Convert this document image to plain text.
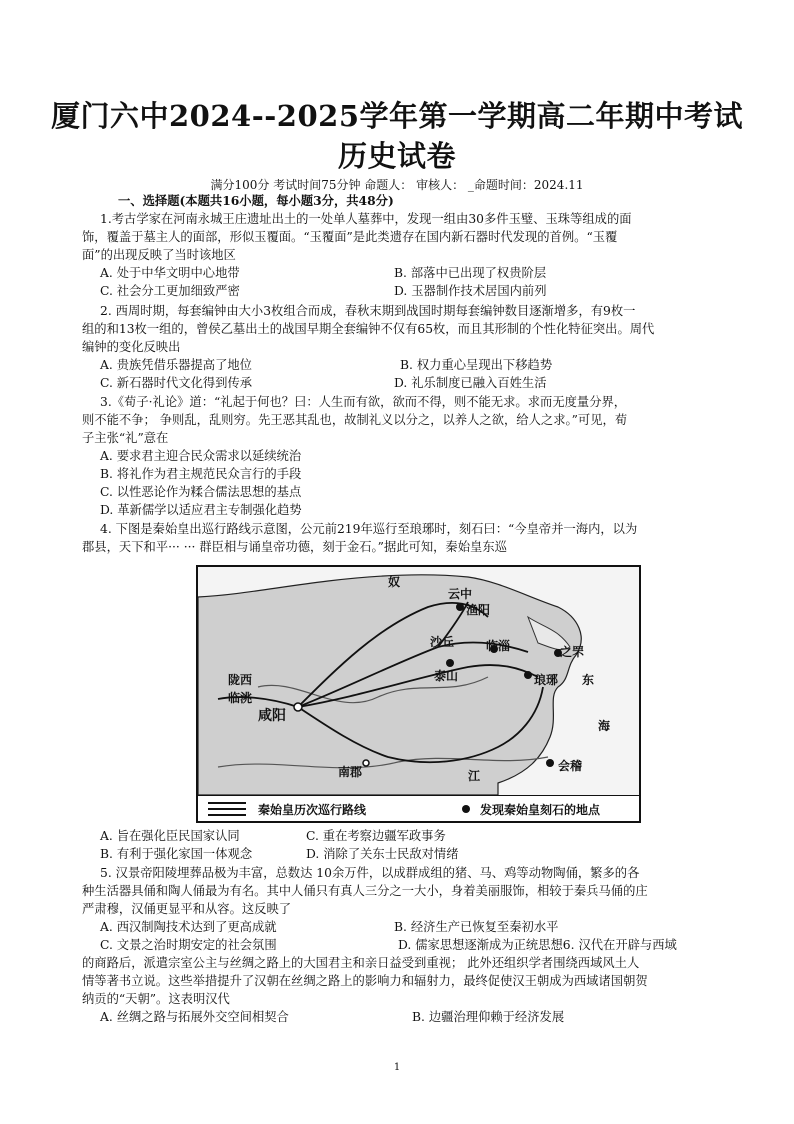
厦门六中2024--2025学年第一学期高二年期中考试
历史试卷
满分100分 考试时间75分钟 命题人： 审核人： _命题时间：2024.11
一、选择题(本题共16小题，每小题3分，共48分)
1.考古学家在河南永城王庄遗址出土的一处单人墓葬中，发现一组由30多件玉璧、玉珠等组成的面
饰，覆盖于墓主人的面部，形似玉覆面。“玉覆面”是此类遗存在国内新石器时代发现的首例。“玉覆
面”的出现反映了当时该地区
A. 处于中华文明中心地带	B. 部落中已出现了权贵阶层
C. 社会分工更加细致严密	D. 玉器制作技术居国内前列
2. 西周时期，每套编钟由大小3枚组合而成，春秋末期到战国时期每套编钟数目逐渐增多，有9枚一
组的和13枚一组的，曾侯乙墓出土的战国早期全套编钟不仅有65枚，而且其形制的个性化特征突出。周代
编钟的变化反映出
A. 贵族凭借乐器提高了地位	B. 权力重心呈现出下移趋势
C. 新石器时代文化得到传承	D. 礼乐制度已融入百姓生活
3.《荀子·礼论》道：“礼起于何也？曰：人生而有欲，欲而不得，则不能无求。求而无度量分界，
则不能不争； 争则乱，乱则穷。先王恶其乱也，故制礼义以分之，以养人之欲，给人之求。”可见，荀
子主张“礼”意在
A. 要求君主迎合民众需求以延续统治
B. 将礼作为君主规范民众言行的手段
C. 以性恶论作为糅合儒法思想的基点
D. 革新儒学以适应君主专制强化趋势
4. 下图是秦始皇出巡行路线示意图，公元前219年巡行至琅琊时，刻石曰：“今皇帝并一海内，以为
郡县，天下和平··· ··· 群臣相与诵皇帝功德，刻于金石。”据此可知，秦始皇东巡
奴
云中
渔阳
沙丘	临淄	之罘
泰山	琅琊 东
陇西
临洮
咸阳
南郡	会稽
江
海
秦始皇历次巡行路线	发现秦始皇刻石的地点
A. 旨在强化臣民国家认同	C. 重在考察边疆军政事务
B. 有利于强化家国一体观念	D. 消除了关东士民敌对情绪
5. 汉景帝阳陵埋葬品极为丰富，总数达 10余万件，以成群成组的猪、马、鸡等动物陶俑，繁多的各
种生活器具俑和陶人俑最为有名。其中人俑只有真人三分之一大小，身着美丽服饰，相较于秦兵马俑的庄
严肃穆，汉俑更显平和从容。这反映了
A. 西汉制陶技术达到了更高成就	B. 经济生产已恢复至秦初水平
C. 文景之治时期安定的社会氛围	D. 儒家思想逐渐成为正统思想6. 汉代在开辟与西域
的商路后，派遣宗室公主与丝绸之路上的大国君主和亲日益受到重视； 此外还组织学者围绕西域风土人
情等著书立说。这些举措提升了汉朝在丝绸之路上的影响力和辐射力，最终促使汉王朝成为西域诸国朝贺
纳贡的“天朝”。这表明汉代
A. 丝绸之路与拓展外交空间相契合	B. 边疆治理仰赖于经济发展
1
